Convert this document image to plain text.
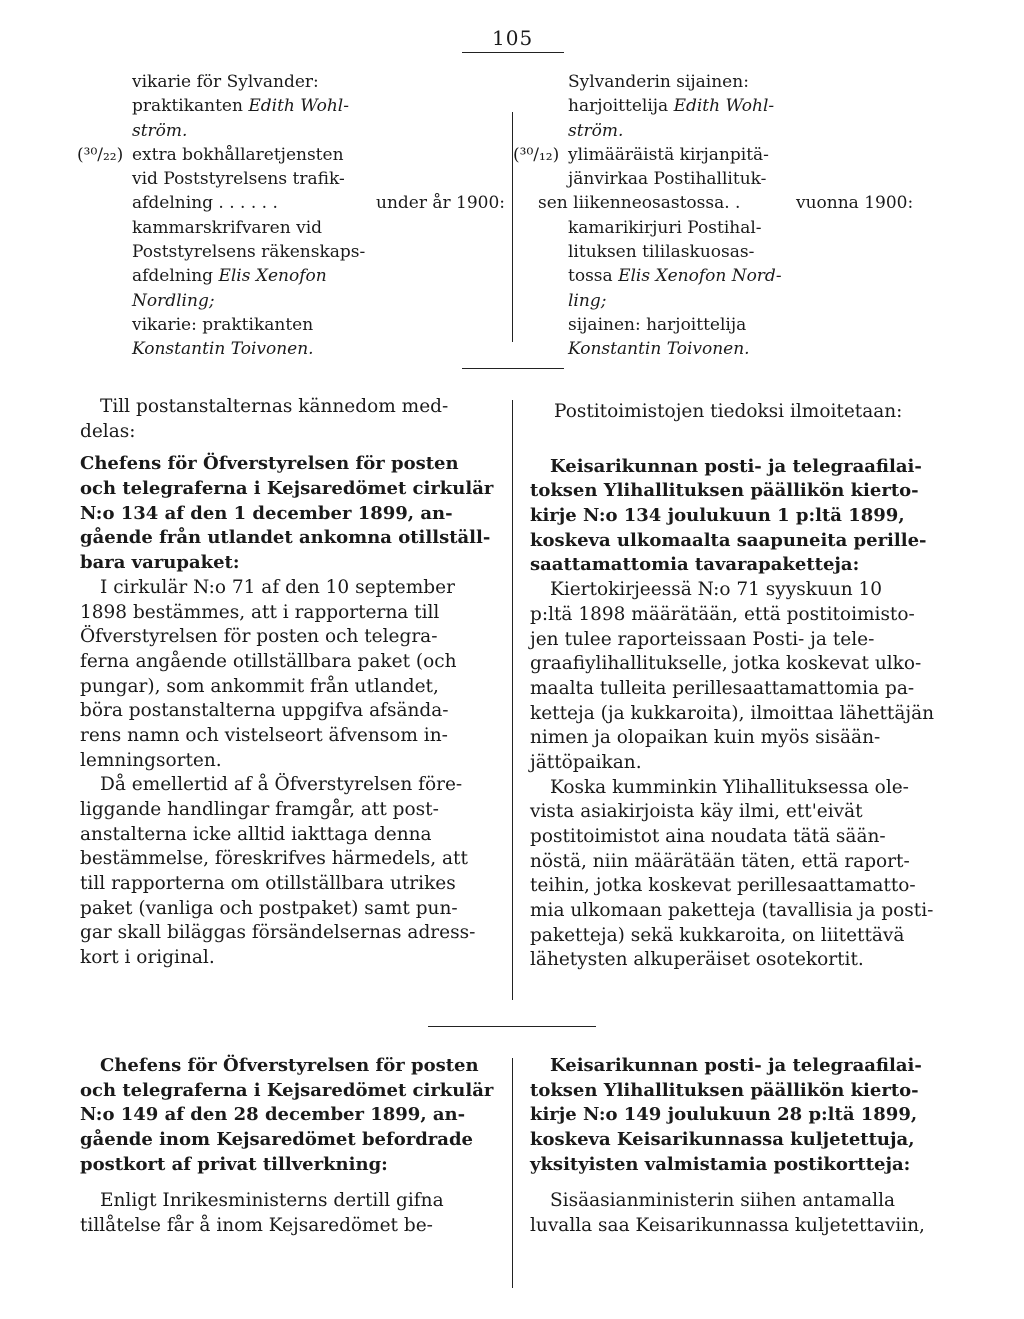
105
vikarie för Sylvander:
praktikanten Edith Wohl-
ström.
(³⁰/₂₂) extra bokhållaretjensten
vid Poststyrelsens trafik-
afdelning . . . . . .	under år 1900:
kammarskrifvaren vid
Poststyrelsens räkenskaps-
afdelning Elis Xenofon
Nordling;
vikarie: praktikanten
Konstantin Toivonen.
Sylvanderin sijainen:
harjoittelija Edith Wohl-
ström.
(³⁰/₁₂) ylimääräistä kirjanpitä-
jänvirkaa Postihallituk-
sen liikenneosastossa. .	vuonna 1900:
kamarikirjuri Postihal-
lituksen tililaskuosas-
tossa Elis Xenofon Nord-
ling;
sijainen: harjoittelija
Konstantin Toivonen.
Till postanstalternas kännedom med-
delas:
Chefens för Öfverstyrelsen för posten
och telegraferna i Kejsaredömet cirkulär
N:o 134 af den 1 december 1899, an-
gående från utlandet ankomna otillställ-
bara varupaket:
I cirkulär N:o 71 af den 10 september
1898 bestämmes, att i rapporterna till
Öfverstyrelsen för posten och telegra-
ferna angående otillställbara paket (och
pungar), som ankommit från utlandet,
böra postanstalterna uppgifva afsända-
rens namn och vistelseort äfvensom in-
lemningsorten.
Då emellertid af å Öfverstyrelsen före-
liggande handlingar framgår, att post-
anstalterna icke alltid iakttaga denna
bestämmelse, föreskrifves härmedels, att
till rapporterna om otillställbara utrikes
paket (vanliga och postpaket) samt pun-
gar skall biläggas försändelsernas adress-
kort i original.
Postitoimistojen tiedoksi ilmoitetaan:
Keisarikunnan posti- ja telegraafilai-
toksen Ylihallituksen päällikön kierto-
kirje N:o 134 joulukuun 1 p:ltä 1899,
koskeva ulkomaalta saapuneita perille-
saattamattomia tavarapaketteja:
Kiertokirjeessä N:o 71 syyskuun 10
p:ltä 1898 määrätään, että postitoimisto-
jen tulee raporteissaan Posti- ja tele-
graafiylihallitukselle, jotka koskevat ulko-
maalta tulleita perillesaattamattomia pa-
ketteja (ja kukkaroita), ilmoittaa lähettäjän
nimen ja olopaikan kuin myös sisään-
jättöpaikan.
Koska kumminkin Ylihallituksessa ole-
vista asiakirjoista käy ilmi, ett'eivät
postitoimistot aina noudata tätä sään-
nöstä, niin määrätään täten, että raport-
teihin, jotka koskevat perillesaattamatto-
mia ulkomaan paketteja (tavallisia ja posti-
paketteja) sekä kukkaroita, on liitettävä
lähetysten alkuperäiset osotekortit.
Chefens för Öfverstyrelsen för posten
och telegraferna i Kejsaredömet cirkulär
N:o 149 af den 28 december 1899, an-
gående inom Kejsaredömet befordrade
postkort af privat tillverkning:
Enligt Inrikesministerns dertill gifna
tillåtelse får å inom Kejsaredömet be-
Keisarikunnan posti- ja telegraafilai-
toksen Ylihallituksen päällikön kierto-
kirje N:o 149 joulukuun 28 p:ltä 1899,
koskeva Keisarikunnassa kuljetettuja,
yksityisten valmistamia postikortteja:
Sisäasianministerin siihen antamalla
luvalla saa Keisarikunnassa kuljetettaviin,
